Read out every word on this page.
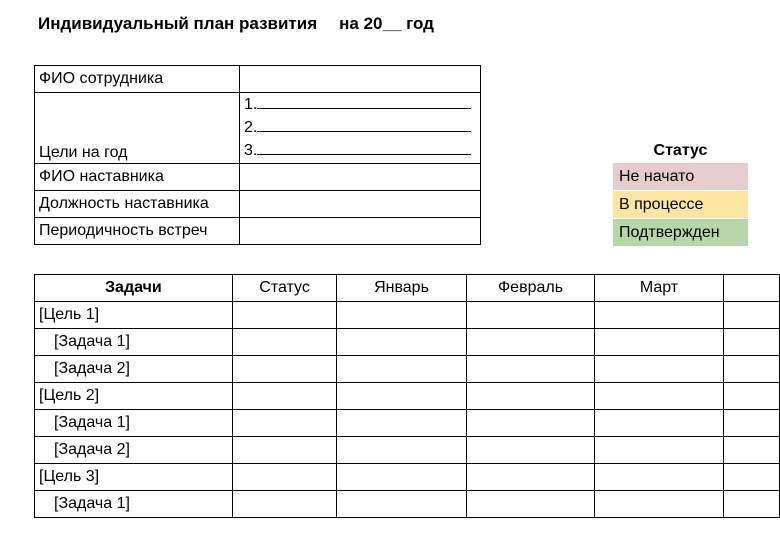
Индивидуальный план развития на 20__ год
ФИО сотрудника	
Цели на год	1.
2.
3.

ФИО наставника	
Должность наставника	
Периодичность встреч	
Статус
Не начато
В процессе
Подтвержден
Задачи	Статус	Январь	Февраль	Март	
[Цель 1]					
[Задача 1]					
[Задача 2]					
[Цель 2]					
[Задача 1]					
[Задача 2]					
[Цель 3]					
[Задача 1]					
